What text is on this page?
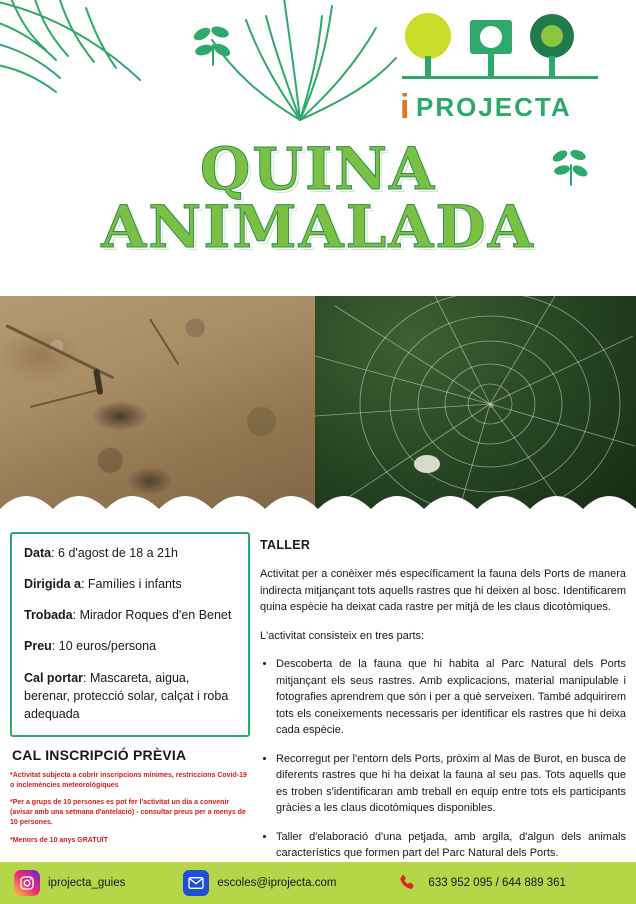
i PROJECTA
QUINA
ANIMALADA
Data: 6 d'agost de 18 a 21h
Dirigida a: Famílies i infants
Trobada: Mirador Roques d'en Benet
Preu: 10 euros/persona
Cal portar: Mascareta, aigua, berenar, protecció solar, calçat i roba adequada
CAL INSCRIPCIÓ PRÈVIA
*Activitat subjecta a cobrir inscripcions mínimes, restriccions Covid-19 o inclemències meteorològiques
*Per a grups de 10 persones es pot fer l'activitat un dia a convenir (avisar amb una setmana d'antelació) - consultar preus per a menys de 10 persones.
*Menors de 10 anys GRATUÏT
TALLER
Activitat per a conèixer més específicament la fauna dels Ports de manera indirecta mitjançant tots aquells rastres que hi deixen al bosc. Identificarem quina espècie ha deixat cada rastre per mitjà de les claus dicotòmiques.
L'activitat consisteix en tres parts:
• Descoberta de la fauna que hi habita al Parc Natural dels Ports mitjançant els seus rastres. Amb explicacions, material manipulable i fotografies aprendrem que són i per a què serveixen. També adquirirem tots els coneixements necessaris per identificar els rastres que hi deixa cada espècie.
• Recorregut per l'entorn dels Ports, pròxim al Mas de Burot, en busca de diferents rastres que hi ha deixat la fauna al seu pas. Tots aquells que es troben s'identificaran amb treball en equip entre tots els participants gràcies a les claus dicotòmiques disponibles.
• Taller d'elaboració d'una petjada, amb argila, d'algun dels animals característics que formen part del Parc Natural dels Ports.
iprojecta_guies	escoles@iprojecta.com	633 952 095 / 644 889 361
